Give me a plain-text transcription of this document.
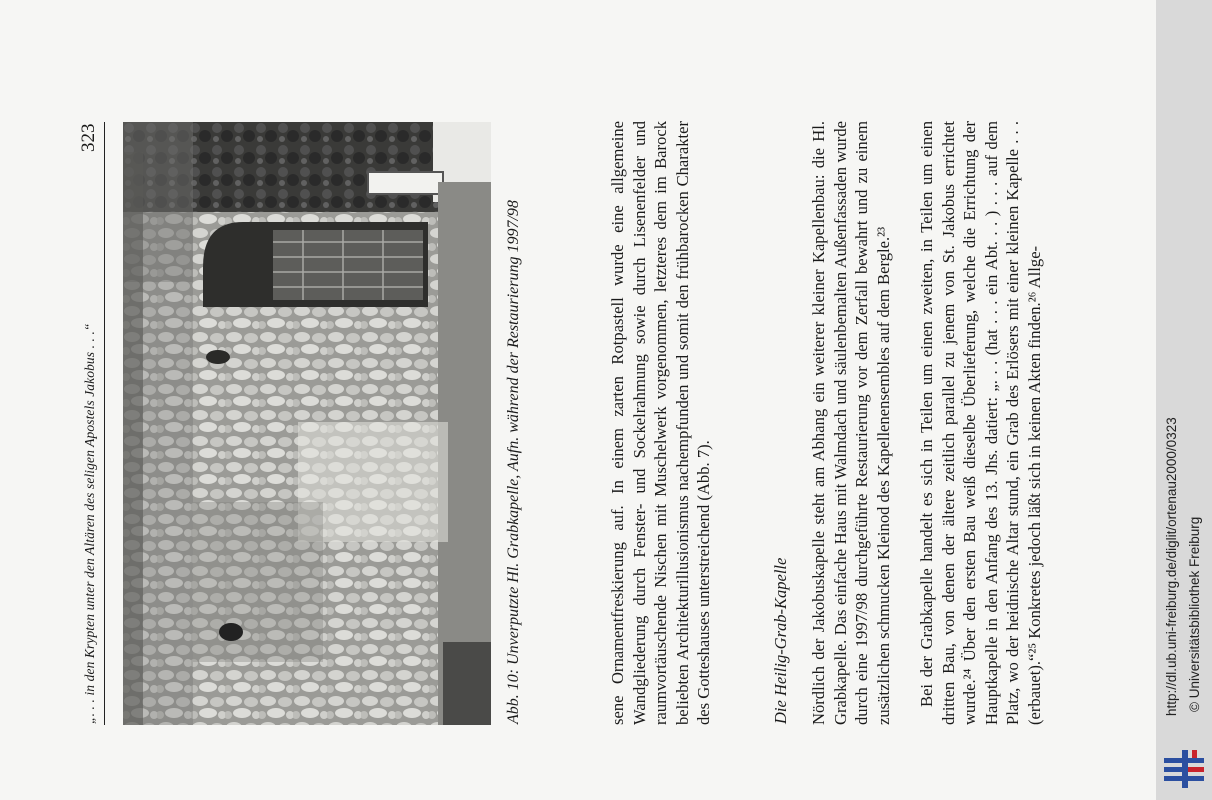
http://dl.ub.uni-freiburg.de/diglit/ortenau2000/0323 © Universitätsbibliothek Freiburg
„. . . in den Krypten unter den Altären des seligen Apostels Jakobus . . .“
323
Abb. 10: Unverputzte Hl. Grabkapelle, Aufn. während der Restaurierung 1997/98	sene Ornamentfreskierung auf. In einem zarten Rotpastell wurde eine allgemeine Wandgliederung durch Fenster- und Sockelrahmung sowie durch Lisenenfelder und raumvortäuschende Nischen mit Muschelwerk vorgenommen, letzteres dem im Barock beliebten Architekturillusionismus nachempfunden und somit den frühbarocken Charakter des Gotteshauses unterstreichend (Abb. 7).	Die Heilig-Grab-Kapelle Nördlich der Jakobuskapelle steht am Abhang ein weiterer kleiner Kapellenbau: die Hl. Grabkapelle. Das einfache Haus mit Walmdach und säulenbemalten Außenfassaden wurde durch eine 1997/98 durchgeführte Restaurierung vor dem Zerfall bewahrt und zu einem zusätzlichen schmucken Kleinod des Kapellenensembles auf dem Bergle.²³ Bei der Grabkapelle handelt es sich in Teilen um einen zweiten, in Teilen um einen dritten Bau, von denen der ältere zeitlich parallel zu jenem von St. Jakobus errichtet wurde.²⁴ Über den ersten Bau weiß dieselbe Überlieferung, welche die Errichtung der Hauptkapelle in den Anfang des 13. Jhs. datiert: „. . . (hat . . . ein Abt. . . ) . . . auf dem Platz, wo der heidnische Altar stund, ein Grab des Erlösers mit einer kleinen Kapelle . . . (erbauet).“²⁵ Konkretes jedoch läßt sich in keinen Akten finden.²⁶ Allge-
